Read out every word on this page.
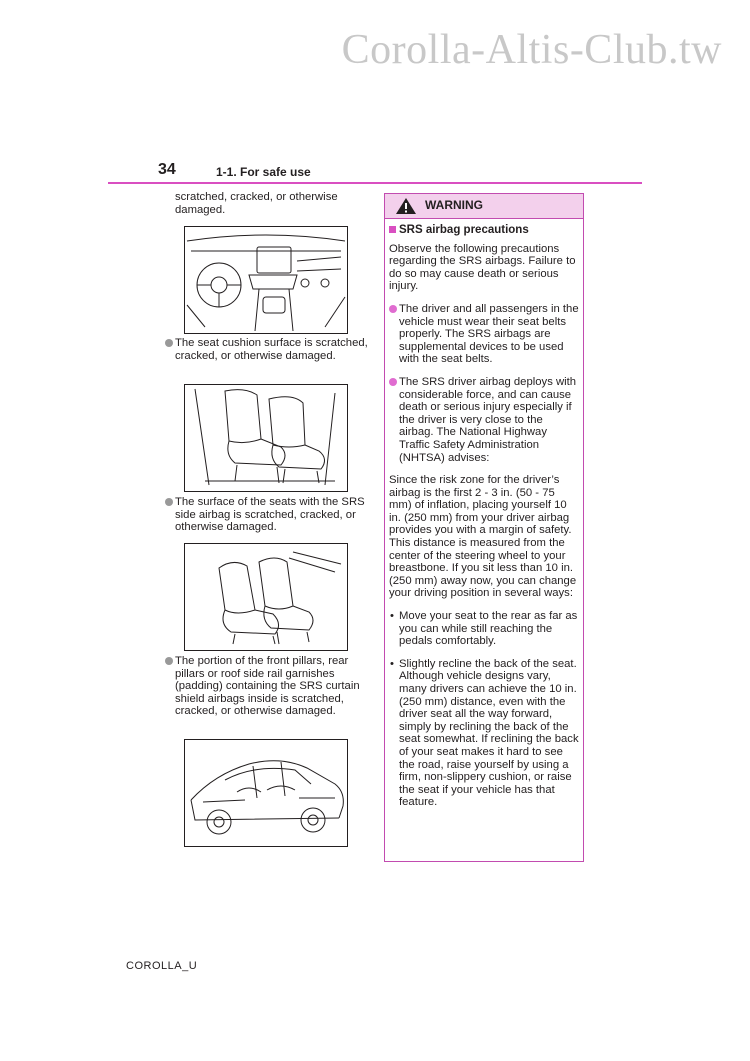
Corolla-Altis-Club.tw
34	1-1. For safe use

scratched, cracked, or otherwise damaged.

The seat cushion surface is scratched, cracked, or otherwise damaged.
The surface of the seats with the SRS side airbag is scratched, cracked, or otherwise damaged.
The portion of the front pillars, rear pillars or roof side rail garnishes (padding) containing the SRS curtain shield airbags inside is scratched, cracked, or otherwise damaged.
WARNING

SRS airbag precautions

Observe the following precautions regarding the SRS airbags. Failure to do so may cause death or serious injury.

The driver and all passengers in the vehicle must wear their seat belts properly. The SRS airbags are supplemental devices to be used with the seat belts.
The SRS driver airbag deploys with considerable force, and can cause death or serious injury especially if the driver is very close to the airbag. The National Highway Traffic Safety Administration (NHTSA) advises:

Since the risk zone for the driver’s airbag is the first 2 - 3 in. (50 - 75 mm) of inflation, placing yourself 10 in. (250 mm) from your driver airbag provides you with a margin of safety. This distance is measured from the center of the steering wheel to your breastbone. If you sit less than 10 in. (250 mm) away now, you can change your driving position in several ways:

• Move your seat to the rear as far as you can while still reaching the pedals comfortably.
• Slightly recline the back of the seat. Although vehicle designs vary, many drivers can achieve the 10 in. (250 mm) distance, even with the driver seat all the way forward, simply by reclining the back of the seat somewhat. If reclining the back of your seat makes it hard to see the road, raise yourself by using a firm, non-slippery cushion, or raise the seat if your vehicle has that feature.
COROLLA_U
